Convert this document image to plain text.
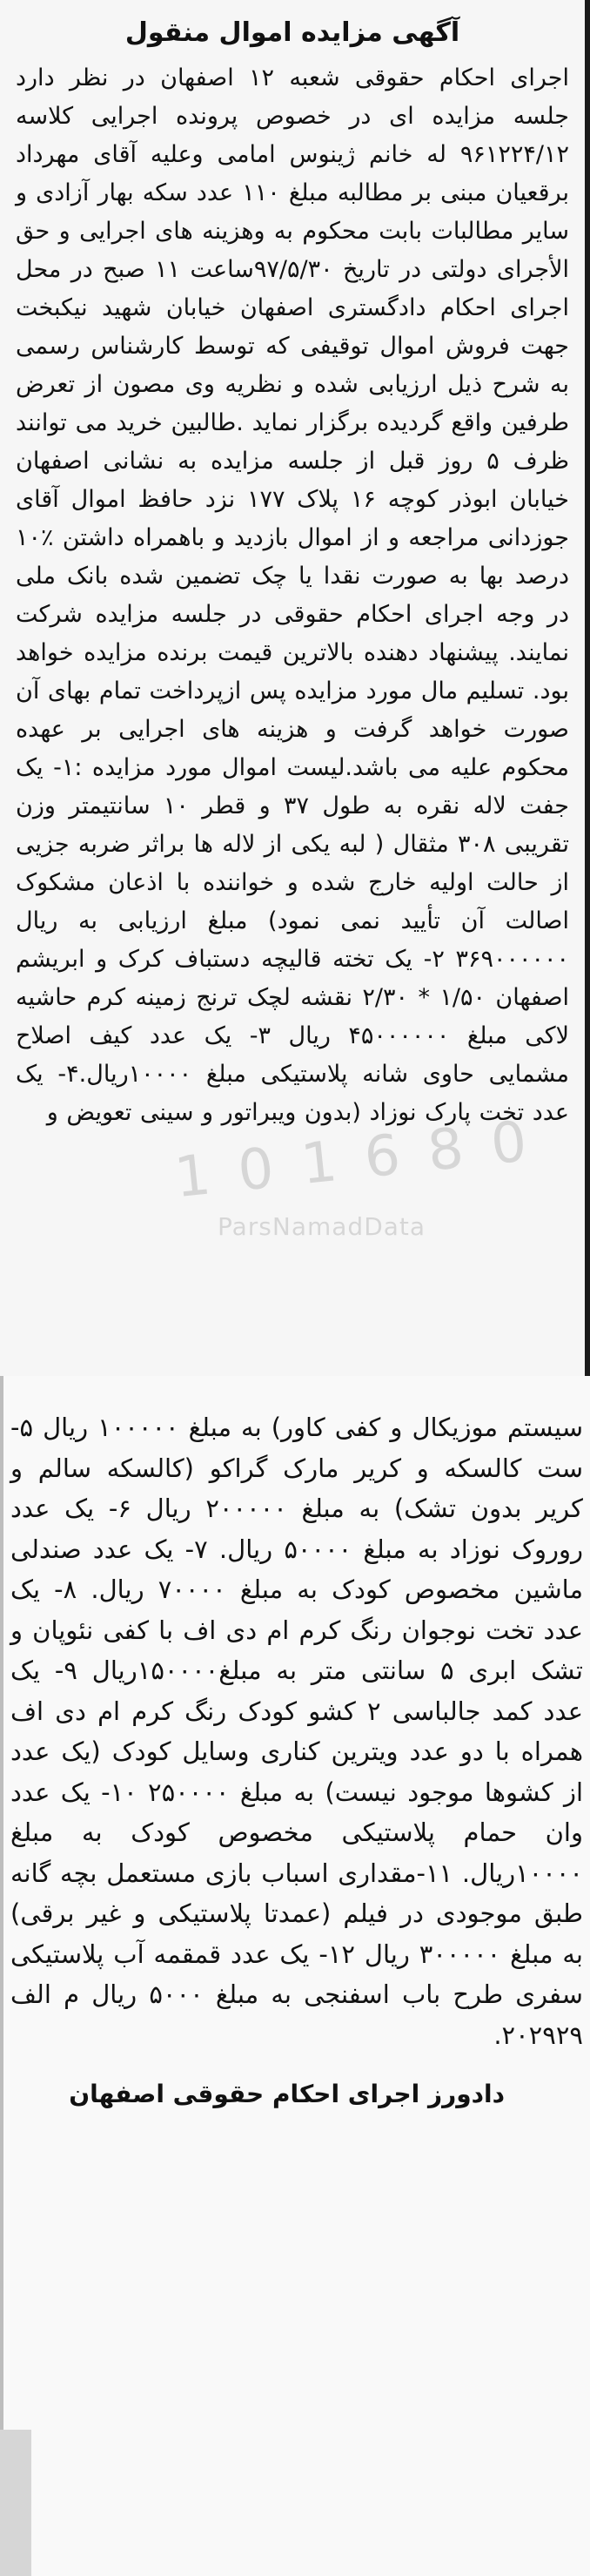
آگهی مزایده اموال منقول
اجرای احکام حقوقی شعبه ۱۲ اصفهان در نظر دارد جلسه مزایده ای در خصوص پرونده اجرایی کلاسه ۹۶۱۲۲۴/۱۲ له خانم ژینوس امامی وعلیه آقای مهرداد برقعیان مبنی بر مطالبه مبلغ ۱۱۰ عدد سکه بهار آزادی و سایر مطالبات بابت محکوم به وهزینه های اجرایی و حق الأجرای دولتی در تاریخ ۹۷/۵/۳۰ساعت ۱۱ صبح در محل اجرای احکام دادگستری اصفهان خیابان شهید نیکبخت جهت فروش اموال توقیفی که توسط کارشناس رسمی به شرح ذیل ارزیابی شده و نظریه وی مصون از تعرض طرفین واقع گردیده برگزار نماید .طالبین خرید می توانند ظرف ۵ روز قبل از جلسه مزایده به نشانی اصفهان خیابان ابوذر کوچه ۱۶ پلاک ۱۷۷ نزد حافظ اموال آقای جوزدانی مراجعه و از اموال بازدید و باهمراه داشتن ٪۱۰ درصد بها به صورت نقدا یا چک تضمین شده بانک ملی در وجه اجرای احکام حقوقی در جلسه مزایده شرکت نمایند. پیشنهاد دهنده بالاترین قیمت برنده مزایده خواهد بود. تسلیم مال مورد مزایده پس ازپرداخت تمام بهای آن صورت خواهد گرفت و هزینه های اجرایی بر عهده محکوم علیه می باشد.لیست اموال مورد مزایده :۱- یک جفت لاله نقره به طول ۳۷ و قطر ۱۰ سانتیمتر وزن تقریبی ۳۰۸ مثقال ( لبه یکی از لاله ها براثر ضربه جزیی از حالت اولیه خارج شده و خواننده با اذعان مشکوک اصالت آن تأیید نمی نمود) مبلغ ارزیابی به ریال ۳۶۹۰۰۰۰۰۰ ۲- یک تخته قالیچه دستباف کرک و ابریشم اصفهان ۱/۵۰ * ۲/۳۰ نقشه لچک ترنج زمینه کرم حاشیه لاکی مبلغ ۴۵۰۰۰۰۰۰ ریال ۳- یک عدد کیف اصلاح مشمایی حاوی شانه پلاستیکی مبلغ ۱۰۰۰۰ریال.۴- یک عدد تخت پارک نوزاد (بدون ویبراتور و سینی تعویض و
سیستم موزیکال و کفی کاور) به مبلغ ۱۰۰۰۰۰ ریال ۵- ست کالسکه و کریر مارک گراکو (کالسکه سالم و کریر بدون تشک) به مبلغ ۲۰۰۰۰۰ ریال ۶- یک عدد روروک نوزاد به مبلغ ۵۰۰۰۰ ریال. ۷- یک عدد صندلی ماشین مخصوص کودک به مبلغ ۷۰۰۰۰ ریال. ۸- یک عدد تخت نوجوان رنگ کرم ام دی اف با کفی نئوپان و تشک ابری ۵ سانتی متر به مبلغ۱۵۰۰۰۰ریال ۹- یک عدد کمد جالباسی ۲ کشو کودک رنگ کرم ام دی اف همراه با دو عدد ویترین کناری وسایل کودک (یک عدد از کشوها موجود نیست) به مبلغ ۲۵۰۰۰۰ ۱۰- یک عدد وان حمام پلاستیکی مخصوص کودک به مبلغ ۱۰۰۰۰ریال. ۱۱-مقداری اسباب بازی مستعمل بچه گانه طبق موجودی در فیلم (عمدتا پلاستیکی و غیر برقی) به مبلغ ۳۰۰۰۰۰ ریال ۱۲- یک عدد قمقمه آب پلاستیکی سفری طرح باب اسفنجی به مبلغ ۵۰۰۰ ریال م الف ۲۰۲۹۲۹.
دادورز اجرای احکام حقوقی اصفهان
